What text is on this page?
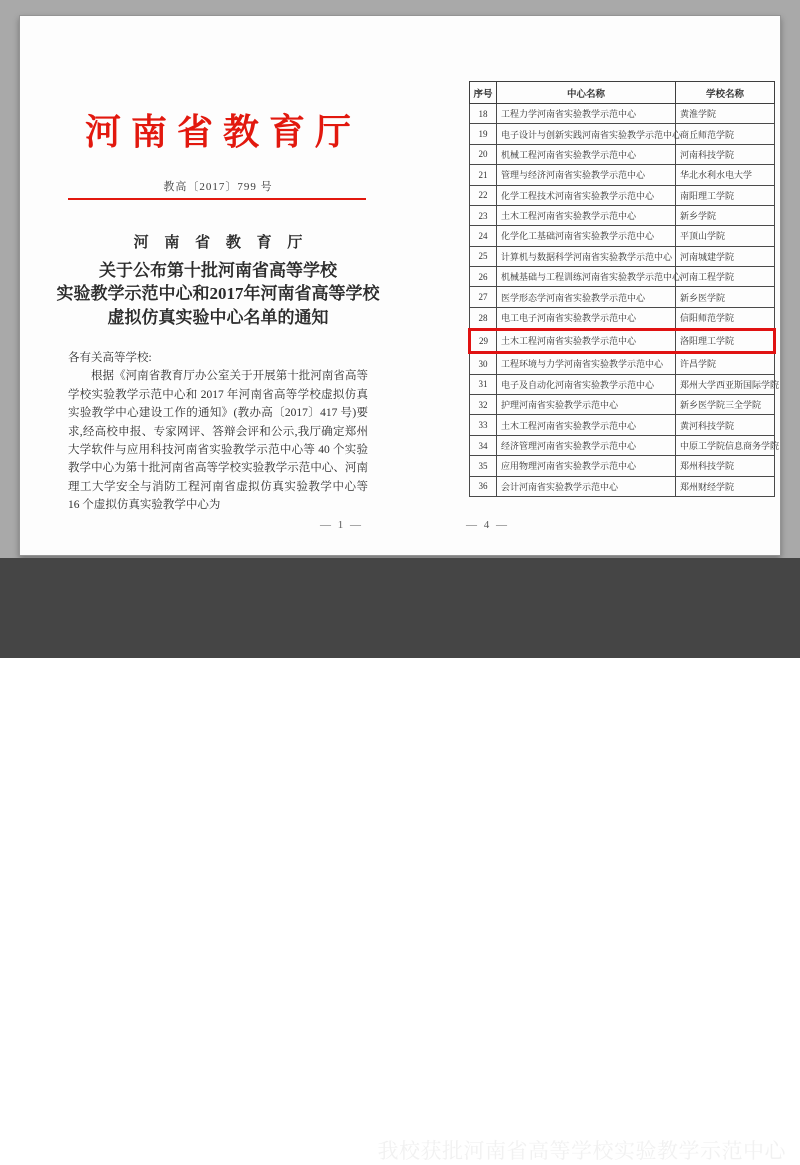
河南省教育厅
教高〔2017〕799 号
河 南 省 教 育 厅
关于公布第十批河南省高等学校
实验教学示范中心和2017年河南省高等学校
虚拟仿真实验中心名单的通知
各有关高等学校:
根据《河南省教育厅办公室关于开展第十批河南省高等学校实验教学示范中心和 2017 年河南省高等学校虚拟仿真实验教学中心建设工作的通知》(教办高〔2017〕417 号)要求,经高校申报、专家网评、答辩会评和公示,我厅确定郑州大学软件与应用科技河南省实验教学示范中心等 40 个实验教学中心为第十批河南省高等学校实验教学示范中心、河南理工大学安全与消防工程河南省虚拟仿真实验教学中心等 16 个虚拟仿真实验教学中心为
— 1 —
序号	中心名称	学校名称
18	工程力学河南省实验教学示范中心	黄淮学院
19	电子设计与创新实践河南省实验教学示范中心	商丘师范学院
20	机械工程河南省实验教学示范中心	河南科技学院
21	管理与经济河南省实验教学示范中心	华北水利水电大学
22	化学工程技术河南省实验教学示范中心	南阳理工学院
23	土木工程河南省实验教学示范中心	新乡学院
24	化学化工基础河南省实验教学示范中心	平顶山学院
25	计算机与数据科学河南省实验教学示范中心	河南城建学院
26	机械基础与工程训练河南省实验教学示范中心	河南工程学院
27	医学形态学河南省实验教学示范中心	新乡医学院
28	电工电子河南省实验教学示范中心	信阳师范学院
29	土木工程河南省实验教学示范中心	洛阳理工学院
30	工程环境与力学河南省实验教学示范中心	许昌学院
31	电子及自动化河南省实验教学示范中心	郑州大学西亚斯国际学院
32	护理河南省实验教学示范中心	新乡医学院三全学院
33	土木工程河南省实验教学示范中心	黄河科技学院
34	经济管理河南省实验教学示范中心	中原工学院信息商务学院
35	应用物理河南省实验教学示范中心	郑州科技学院
36	会计河南省实验教学示范中心	郑州财经学院
— 4 —
我校获批河南省高等学校实验教学示范中心
